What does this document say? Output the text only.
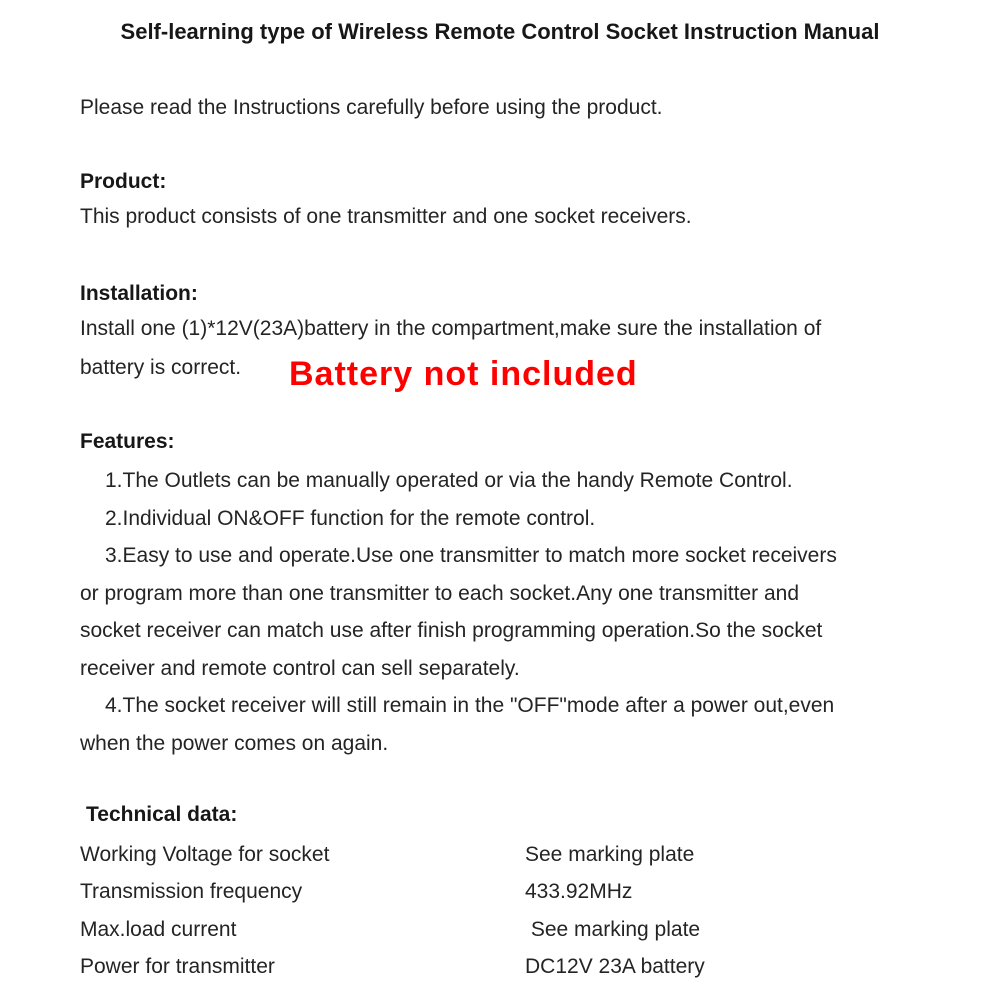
Self-learning type of Wireless Remote Control Socket Instruction Manual
Please read the Instructions carefully before using the product.
Product:
This product consists of one transmitter and one socket receivers.
Installation:
Install one (1)*12V(23A)battery in the compartment,make sure the installation of
battery is correct. Battery not included
Features:
1.The Outlets can be manually operated or via the handy Remote Control.
2.Individual ON&OFF function for the remote control.
3.Easy to use and operate.Use one transmitter to match more socket receivers
or program more than one transmitter to each socket.Any one transmitter and
socket receiver can match use after finish programming operation.So the socket
receiver and remote control can sell separately.
4.The socket receiver will still remain in the "OFF"mode after a power out,even
when the power comes on again.
Technical data:
Working Voltage for socket	See marking plate
Transmission frequency	433.92MHz
Max.load current	See marking plate
Power for transmitter	DC12V 23A battery
